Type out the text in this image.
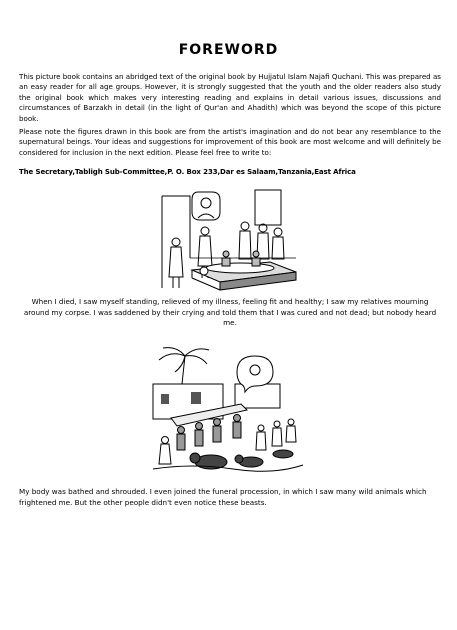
FOREWORD
This picture book contains an abridged text of the original book by Hujjatul Islam Najafi Quchani. This was prepared as an easy reader for all age groups. However, it is strongly suggested that the youth and the older readers also study the original book which makes very interesting reading and explains in detail various issues, discussions and circumstances of Barzakh in detail (in the light of Qur'an and Ahadith) which was beyond the scope of this picture book.
Please note the figures drawn in this book are from the artist's imagination and do not bear any resemblance to the supernatural beings. Your ideas and suggestions for improvement of this book are most welcome and will definitely be considered for inclusion in the next edition. Please feel free to write to:
The Secretary,Tabligh Sub-Committee,P. O. Box 233,Dar es Salaam,Tanzania,East Africa
When I died, I saw myself standing, relieved of my illness, feeling fit and healthy; I saw my relatives mourning around my corpse. I was saddened by their crying and told them that I was cured and not dead; but nobody heard me.
My body was bathed and shrouded. I even joined the funeral procession, in which I saw many wild animals which frightened me. But the other people didn't even notice these beasts.
